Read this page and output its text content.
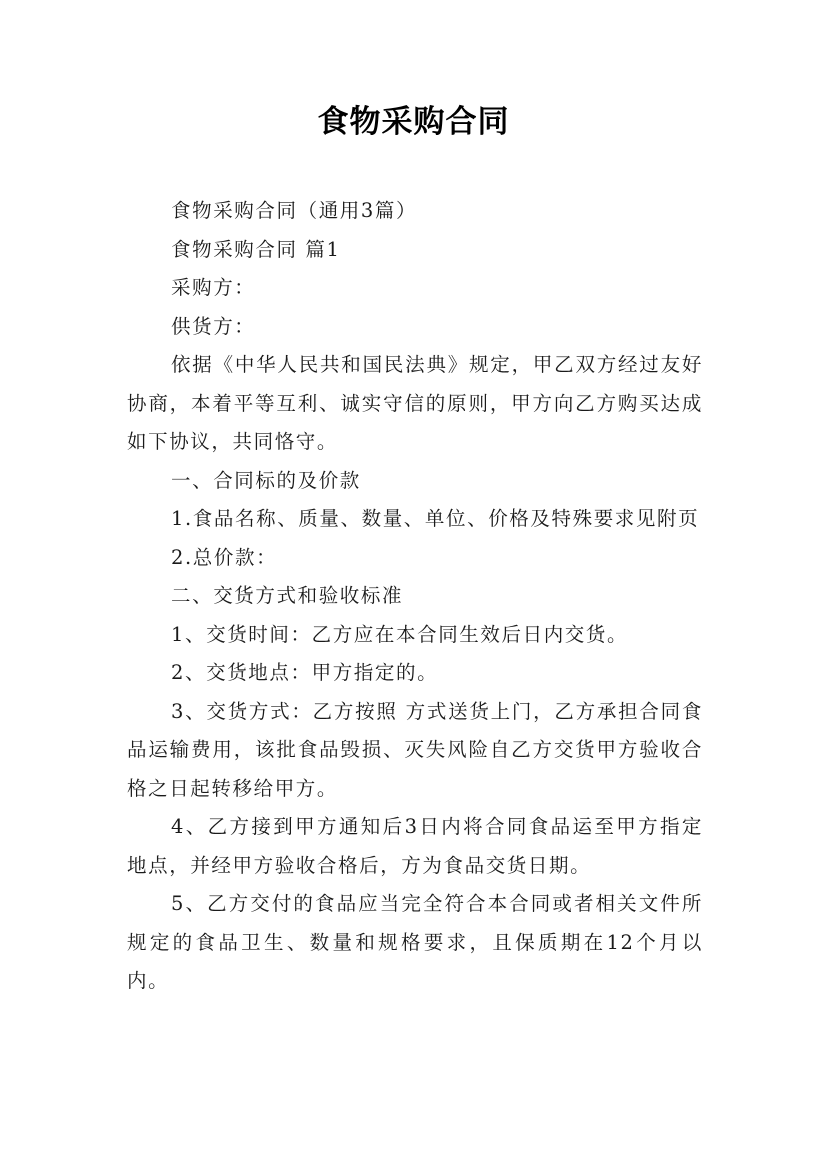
食物采购合同

食物采购合同（通用3篇）

食物采购合同 篇1

采购方：

供货方：

依据《中华人民共和国民法典》规定，甲乙双方经过友好协商，本着平等互利、诚实守信的原则，甲方向乙方购买达成如下协议，共同恪守。

一、合同标的及价款

1.食品名称、质量、数量、单位、价格及特殊要求见附页

2.总价款：

二、交货方式和验收标准

1、交货时间：乙方应在本合同生效后日内交货。

2、交货地点：甲方指定的。

3、交货方式：乙方按照 方式送货上门，乙方承担合同食品运输费用，该批食品毁损、灭失风险自乙方交货甲方验收合格之日起转移给甲方。

4、乙方接到甲方通知后3日内将合同食品运至甲方指定地点，并经甲方验收合格后，方为食品交货日期。

5、乙方交付的食品应当完全符合本合同或者相关文件所规定的食品卫生、数量和规格要求，且保质期在12个月以内。
